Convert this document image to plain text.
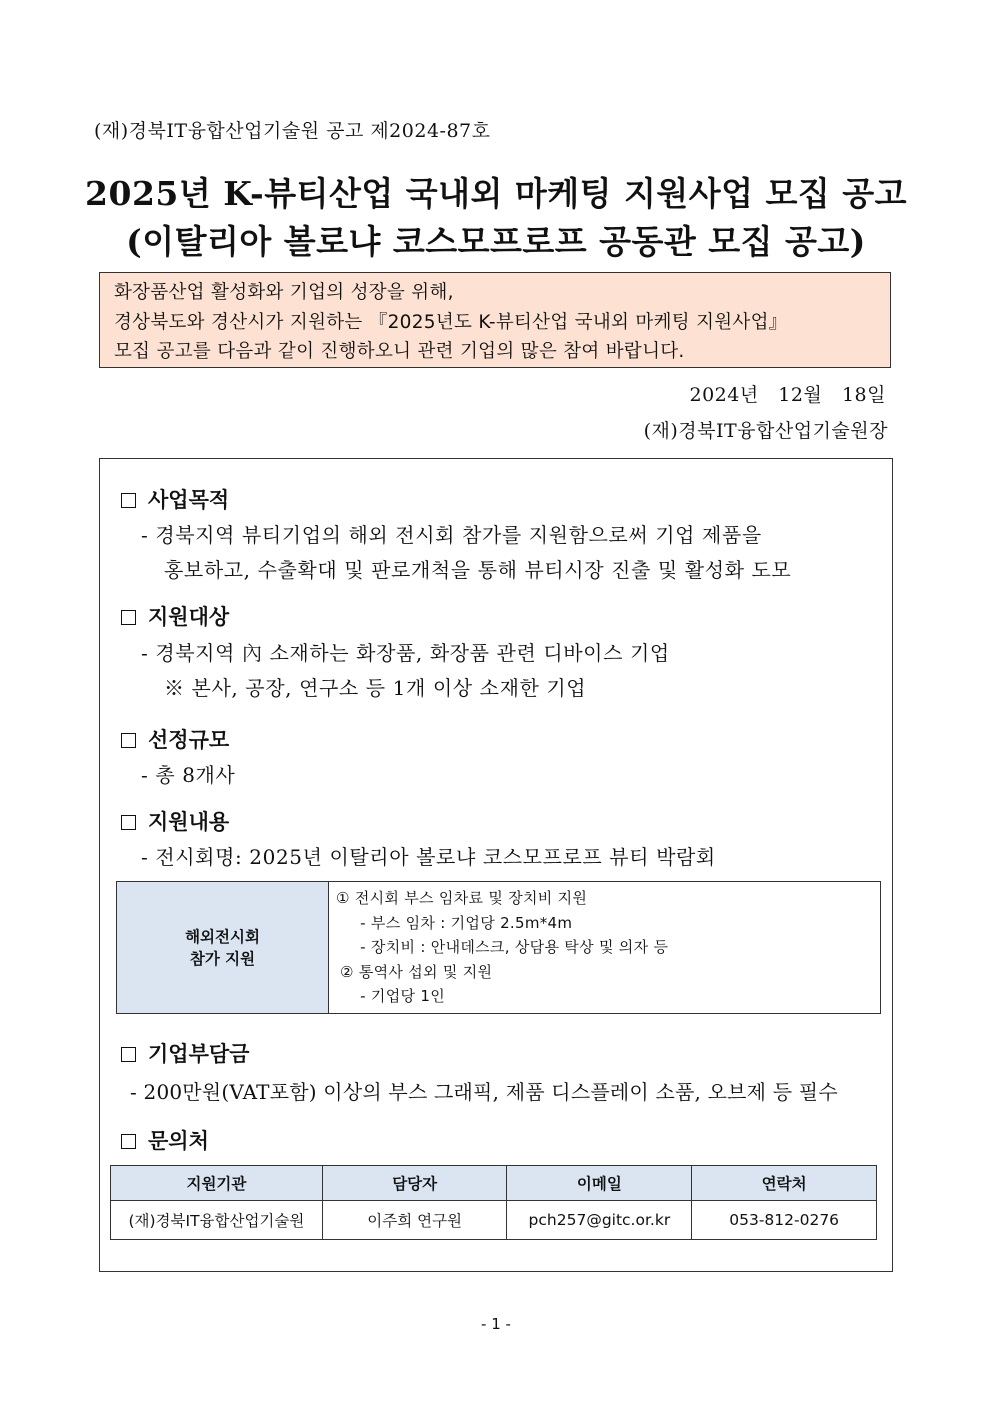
(재)경북IT융합산업기술원 공고 제2024-87호
2025년 K-뷰티산업 국내외 마케팅 지원사업 모집 공고
(이탈리아 볼로냐 코스모프로프 공동관 모집 공고)
화장품산업 활성화와 기업의 성장을 위해,
경상북도와 경산시가 지원하는 『2025년도 K-뷰티산업 국내외 마케팅 지원사업』
모집 공고를 다음과 같이 진행하오니 관련 기업의 많은 참여 바랍니다.
2024년   12월   18일
(재)경북IT융합산업기술원장
사업목적
- 경북지역 뷰티기업의 해외 전시회 참가를 지원함으로써 기업 제품을
홍보하고, 수출확대 및 판로개척을 통해 뷰티시장 진출 및 활성화 도모
지원대상
- 경북지역 內 소재하는 화장품, 화장품 관련 디바이스 기업
※ 본사, 공장, 연구소 등 1개 이상 소재한 기업
선정규모
- 총 8개사
지원내용
- 전시회명: 2025년 이탈리아 볼로냐 코스모프로프 뷰티 박람회
해외전시회
참가 지원
① 전시회 부스 임차료 및 장치비 지원
- 부스 임차 : 기업당 2.5m*4m
- 장치비 : 안내데스크, 상담용 탁상 및 의자 등
② 통역사 섭외 및 지원
- 기업당 1인
기업부담금
- 200만원(VAT포함) 이상의 부스 그래픽, 제품 디스플레이 소품, 오브제 등 필수
문의처
지원기관	담당자	이메일	연락처
(재)경북IT융합산업기술원	이주희 연구원	pch257@gitc.or.kr	053-812-0276
- 1 -
